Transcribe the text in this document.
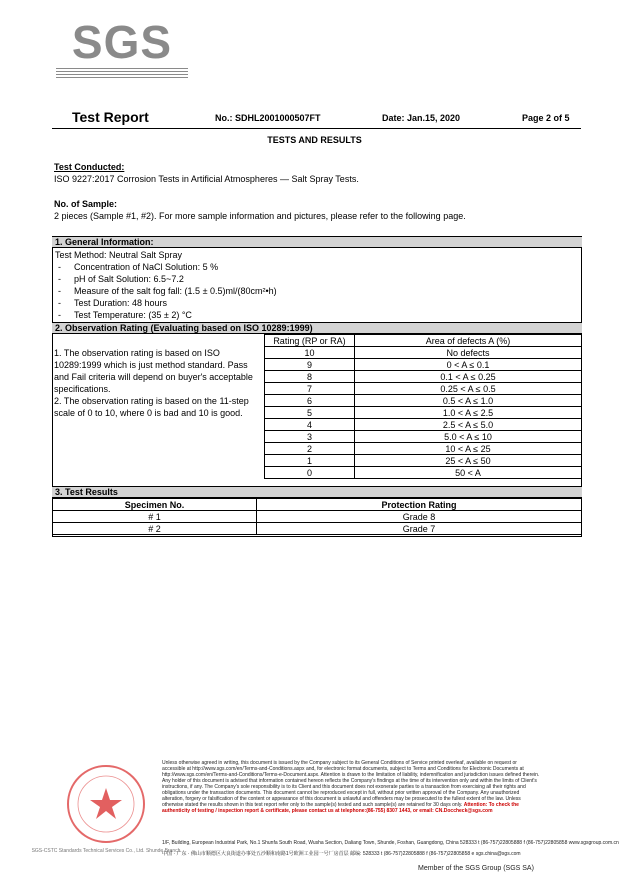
SGS
Test Report	No.: SDHL2001000507FT	Date: Jan.15, 2020	Page 2 of 5
TESTS AND RESULTS
Test Conducted:
ISO 9227:2017 Corrosion Tests in Artificial Atmospheres — Salt Spray Tests.
No. of Sample:
2 pieces (Sample #1, #2). For more sample information and pictures, please refer to the following page.
1. General Information:
Test Method: Neutral Salt Spray
- Concentration of NaCl Solution: 5 %
- pH of Salt Solution: 6.5~7.2
- Measure of the salt fog fall: (1.5 ± 0.5)ml/(80cm²•h)
- Test Duration: 48 hours
- Test Temperature: (35 ± 2) °C
2. Observation Rating (Evaluating based on ISO 10289:1999)
1. The observation rating is based on ISO 10289:1999 which is just method standard. Pass and Fail criteria will depend on buyer's acceptable specifications.
2. The observation rating is based on the 11-step scale of 0 to 10, where 0 is bad and 10 is good.
Rating (RP or RA)	Area of defects A (%)
10	No defects
9	0 < A ≤ 0.1
8	0.1 < A ≤ 0.25
7	0.25 < A ≤ 0.5
6	0.5 < A ≤ 1.0
5	1.0 < A ≤ 2.5
4	2.5 < A ≤ 5.0
3	5.0 < A ≤ 10
2	10 < A ≤ 25
1	25 < A ≤ 50
0	50 < A
3. Test Results
Specimen No.	Protection Rating
# 1	Grade 8
# 2	Grade 7
SGS-CSTC Standards Technical Services Co., Ltd. Shunde Branch
Unless otherwise agreed in writing, this document is issued by the Company subject to its General Conditions of Service printed overleaf, available on request or accessible at http://www.sgs.com/en/Terms-and-Conditions.aspx and, for electronic format documents, subject to Terms and Conditions for Electronic Documents at http://www.sgs.com/en/Terms-and-Conditions/Terms-e-Document.aspx. Attention is drawn to the limitation of liability, indemnification and jurisdiction issues defined therein. Any holder of this document is advised that information contained hereon reflects the Company's findings at the time of its intervention only and within the limits of Client's instructions, if any. The Company's sole responsibility is to its Client and this document does not exonerate parties to a transaction from exercising all their rights and obligations under the transaction documents. This document cannot be reproduced except in full, without prior written approval of the Company. Any unauthorized alteration, forgery or falsification of the content or appearance of this document is unlawful and offenders may be prosecuted to the fullest extent of the law. Unless otherwise stated the results shown in this test report refer only to the sample(s) tested and such sample(s) are retained for 30 days only. Attention: To check the authenticity of testing / inspection report & certificate, please contact us at telephone:(86-755) 8307 1443, or email: CN.Doccheck@sgs.com
1/F, Building, European Industrial Park, No.1 Shunfa South Road, Wusha Section, Daliang Town, Shunde, Foshan, Guangdong, China 528333 t (86-757)22805888 f (86-757)22805858 www.sgsgroup.com.cn
中国 · 广东 · 佛山市顺德区大良街道办事处五沙顺和南路1号欧洲工业园一号厂房首层 邮编: 528333 t (86-757)22805888 f (86-757)22805858 e sgs.china@sgs.com
Member of the SGS Group (SGS SA)
